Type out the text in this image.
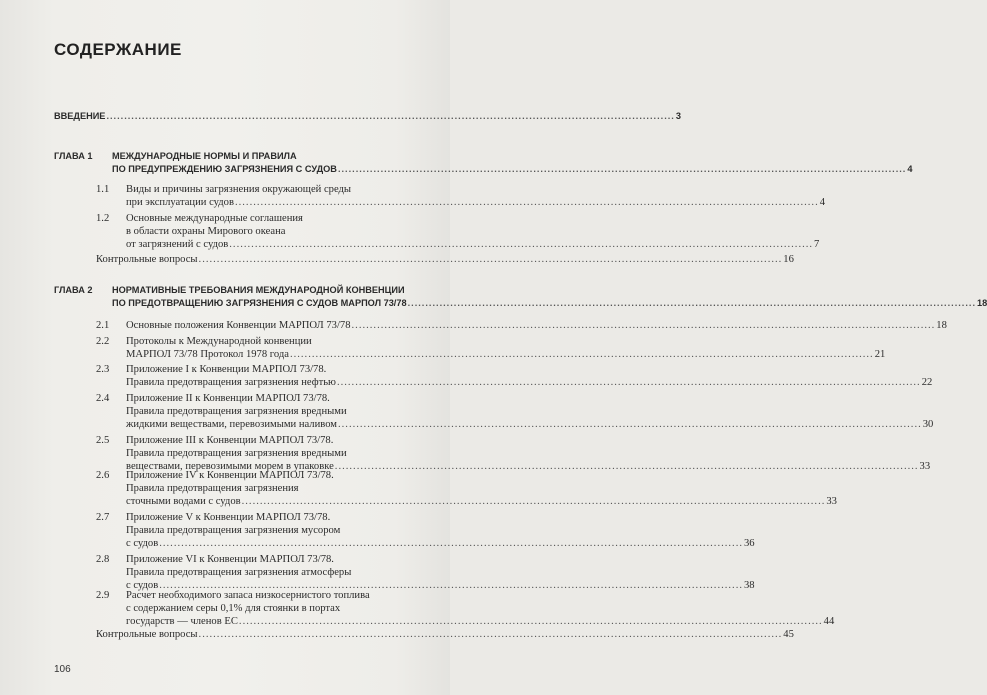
СОДЕРЖАНИЕ
ВВЕДЕНИЕ ................................................................................................................................................................ 3
ГЛАВА 1 МЕЖДУНАРОДНЫЕ НОРМЫ И ПРАВИЛА
ПО ПРЕДУПРЕЖДЕНИЮ ЗАГРЯЗНЕНИЯ С СУДОВ ................................................................................................................................................................ 4
1.1 Виды и причины загрязнения окружающей среды
при эксплуатации судов ................................................................................................................................................................ 4
1.2 Основные международные соглашения
в области охраны Мирового океана
от загрязнений с судов ................................................................................................................................................................ 7
Контрольные вопросы ................................................................................................................................................................ 16
ГЛАВА 2 НОРМАТИВНЫЕ ТРЕБОВАНИЯ МЕЖДУНАРОДНОЙ КОНВЕНЦИИ
ПО ПРЕДОТВРАЩЕНИЮ ЗАГРЯЗНЕНИЯ С СУДОВ МАРПОЛ 73/78 ................................................................................................................................................................ 18
2.1 Основные положения Конвенции МАРПОЛ 73/78 ................................................................................................................................................................ 18
2.2 Протоколы к Международной конвенции
МАРПОЛ 73/78 Протокол 1978 года ................................................................................................................................................................ 21
2.3 Приложение I к Конвенции МАРПОЛ 73/78.
Правила предотвращения загрязнения нефтью ................................................................................................................................................................ 22
2.4 Приложение II к Конвенции МАРПОЛ 73/78.
Правила предотвращения загрязнения вредными
жидкими веществами, перевозимыми наливом ................................................................................................................................................................ 30
2.5 Приложение III к Конвенции МАРПОЛ 73/78.
Правила предотвращения загрязнения вредными
веществами, перевозимыми морем в упаковке ................................................................................................................................................................ 33
2.6 Приложение IV к Конвенции МАРПОЛ 73/78.
Правила предотвращения загрязнения
сточными водами с судов ................................................................................................................................................................ 33
2.7 Приложение V к Конвенции МАРПОЛ 73/78.
Правила предотвращения загрязнения мусором
с судов ................................................................................................................................................................ 36
2.8 Приложение VI к Конвенции МАРПОЛ 73/78.
Правила предотвращения загрязнения атмосферы
с судов ................................................................................................................................................................ 38
2.9 Расчет необходимого запаса низкосернистого топлива
с содержанием серы 0,1% для стоянки в портах
государств — членов ЕС ................................................................................................................................................................ 44
Контрольные вопросы ................................................................................................................................................................ 45
106
